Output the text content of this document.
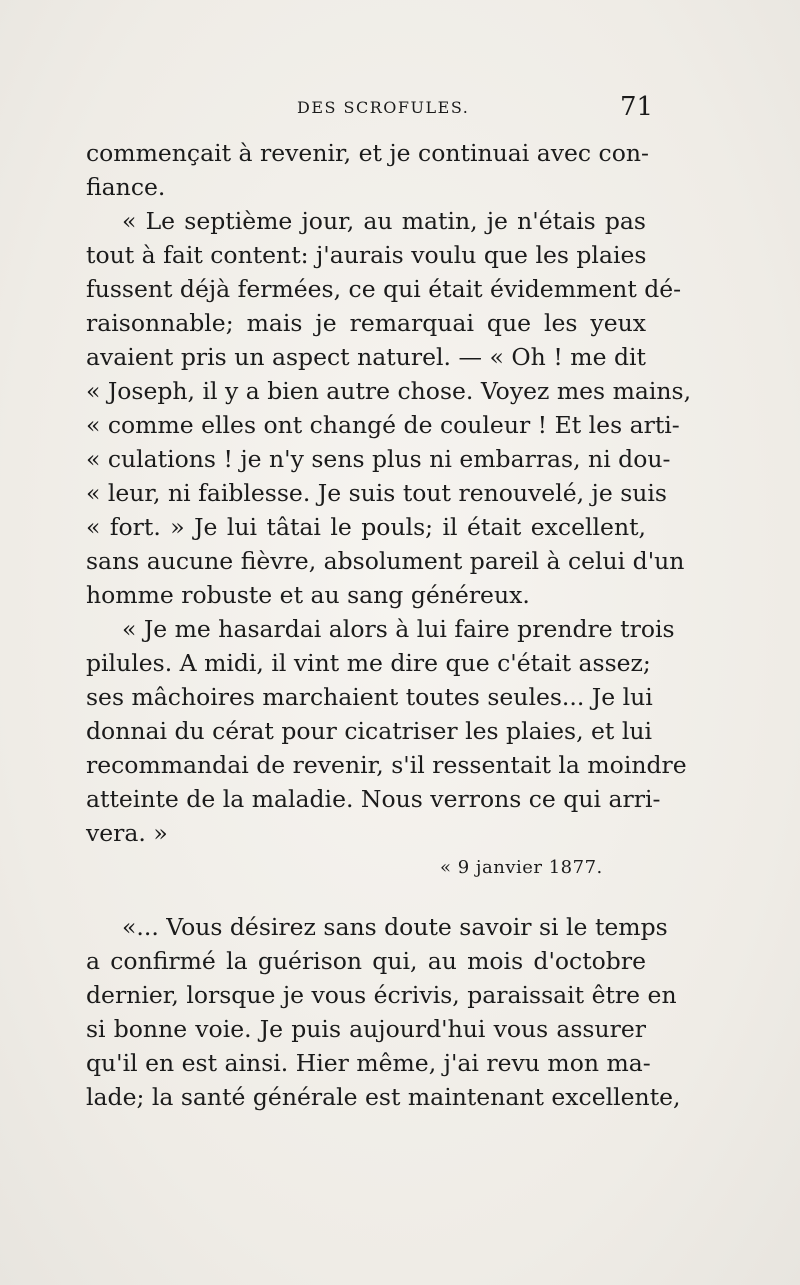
DES SCROFULES.	71
commençait à revenir, et je continuai avec con-
fiance.
« Le septième jour, au matin, je n'étais pas
tout à fait content: j'aurais voulu que les plaies
fussent déjà fermées, ce qui était évidemment dé-
raisonnable; mais je remarquai que les yeux
avaient pris un aspect naturel. — « Oh ! me dit
« Joseph, il y a bien autre chose. Voyez mes mains,
« comme elles ont changé de couleur ! Et les arti-
« culations ! je n'y sens plus ni embarras, ni dou-
« leur, ni faiblesse. Je suis tout renouvelé, je suis
« fort. » Je lui tâtai le pouls; il était excellent,
sans aucune fièvre, absolument pareil à celui d'un
homme robuste et au sang généreux.
« Je me hasardai alors à lui faire prendre trois
pilules. A midi, il vint me dire que c'était assez;
ses mâchoires marchaient toutes seules... Je lui
donnai du cérat pour cicatriser les plaies, et lui
recommandai de revenir, s'il ressentait la moindre
atteinte de la maladie. Nous verrons ce qui arri-
vera. »
« 9 janvier 1877.
«... Vous désirez sans doute savoir si le temps
a confirmé la guérison qui, au mois d'octobre
dernier, lorsque je vous écrivis, paraissait être en
si bonne voie. Je puis aujourd'hui vous assurer
qu'il en est ainsi. Hier même, j'ai revu mon ma-
lade; la santé générale est maintenant excellente,
